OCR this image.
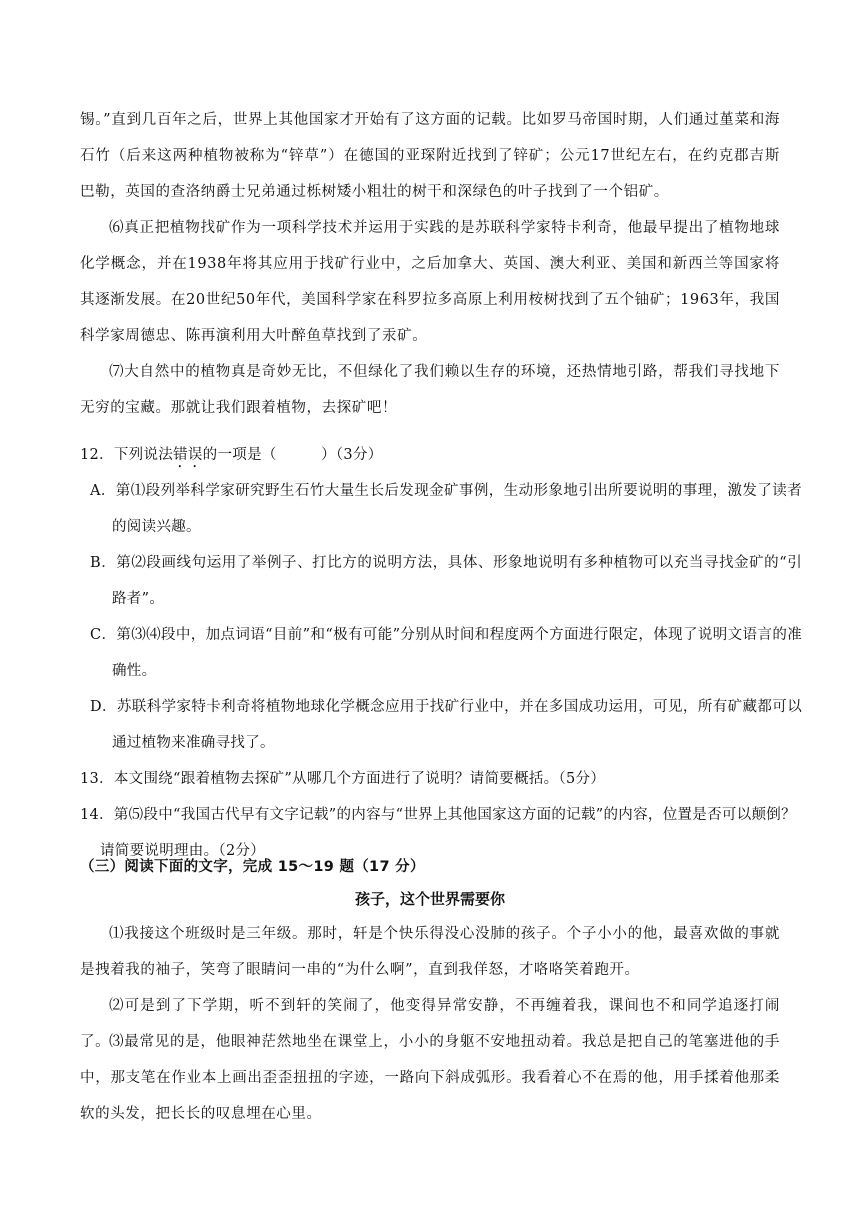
锡。”直到几百年之后，世界上其他国家才开始有了这方面的记载。比如罗马帝国时期，人们通过堇菜和海石竹（后来这两种植物被称为“锌草”）在德国的亚琛附近找到了锌矿；公元17世纪左右，在约克郡吉斯巴勒，英国的查洛纳爵士兄弟通过栎树矮小粗壮的树干和深绿色的叶子找到了一个铝矿。

⑹真正把植物找矿作为一项科学技术并运用于实践的是苏联科学家特卡利奇，他最早提出了植物地球化学概念，并在1938年将其应用于找矿行业中，之后加拿大、英国、澳大利亚、美国和新西兰等国家将其逐渐发展。在20世纪50年代，美国科学家在科罗拉多高原上利用桉树找到了五个铀矿；1963年，我国科学家周德忠、陈再演利用大叶醉鱼草找到了汞矿。

⑺大自然中的植物真是奇妙无比，不但绿化了我们赖以生存的环境，还热情地引路，帮我们寻找地下无穷的宝藏。那就让我们跟着植物，去探矿吧！

12．下列说法错误的一项是（　　　）（3分）

A．第⑴段列举科学家研究野生石竹大量生长后发现金矿事例，生动形象地引出所要说明的事理，激发了读者的阅读兴趣。

B．第⑵段画线句运用了举例子、打比方的说明方法，具体、形象地说明有多种植物可以充当寻找金矿的“引路者”。

C．第⑶⑷段中，加点词语“目前”和“极有可能”分别从时间和程度两个方面进行限定，体现了说明文语言的准确性。

D．苏联科学家特卡利奇将植物地球化学概念应用于找矿行业中，并在多国成功运用，可见，所有矿藏都可以通过植物来准确寻找了。

13．本文围绕“跟着植物去探矿”从哪几个方面进行了说明？请简要概括。（5分）

14．第⑸段中“我国古代早有文字记载”的内容与“世界上其他国家这方面的记载”的内容，位置是否可以颠倒？请简要说明理由。（2分）

（三）阅读下面的文字，完成 15～19 题（17 分）

孩子，这个世界需要你

⑴我接这个班级时是三年级。那时，轩是个快乐得没心没肺的孩子。个子小小的他，最喜欢做的事就是拽着我的袖子，笑弯了眼睛问一串的“为什么啊”，直到我佯怒，才咯咯笑着跑开。

⑵可是到了下学期，听不到轩的笑闹了，他变得异常安静，不再缠着我，课间也不和同学追逐打闹了。

⑶最常见的是，他眼神茫然地坐在课堂上，小小的身躯不安地扭动着。我总是把自己的笔塞进他的手中，那支笔在作业本上画出歪歪扭扭的字迹，一路向下斜成弧形。我看着心不在焉的他，用手揉着他那柔软的头发，把长长的叹息埋在心里。
